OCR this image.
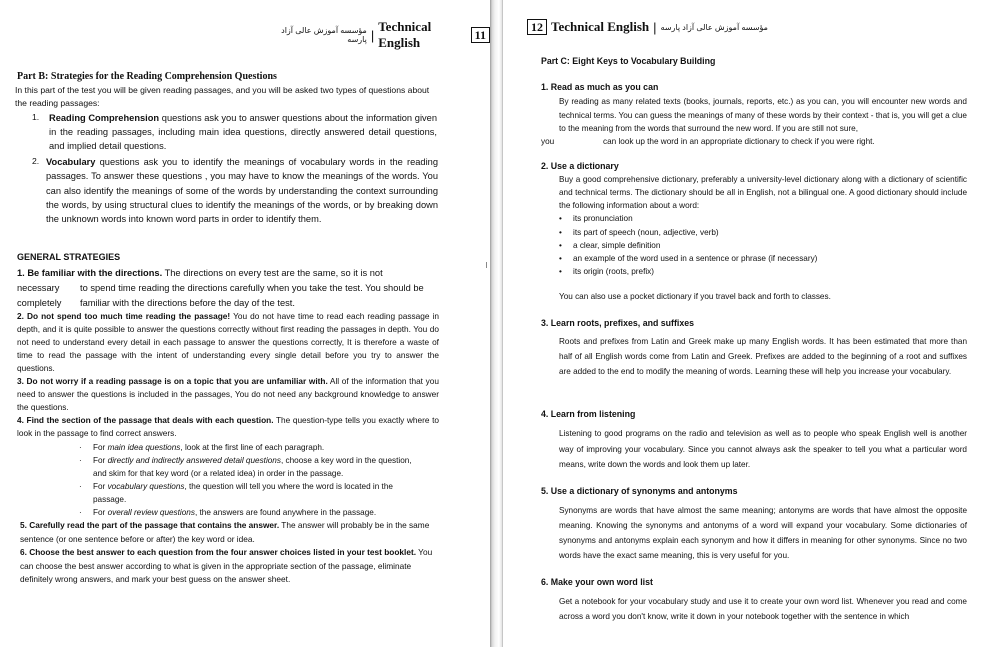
مؤسسه آموزش عالی آزاد پارسه |
Technical English	11
Part B: Strategies for the Reading Comprehension Questions
In this part of the test you will be given reading passages, and you will be asked two types of questions about
the reading passages:
1. Reading Comprehension questions ask you to answer questions about the information given in the reading passages, including main idea questions, directly answered detail questions, and implied detail questions.
2. Vocabulary questions ask you to identify the meanings of vocabulary words in the reading passages. To answer these questions , you may have to know the meanings of the words. You can also identify the meanings of some of the words by understanding the context surrounding the words, by using structural clues to identify the meanings of the words, or by breaking down the unknown words into known word parts in order to identify them.
GENERAL STRATEGIES
1. Be familiar with the directions. The directions on every test are the same, so it is not
necessary to spend time reading the directions carefully when you take the test. You should be
completely familiar with the directions before the day of the test.
2. Do not spend too much time reading the passage! You do not have time to read each reading passage in depth, and it is quite possible to answer the questions correctly without first reading the passages in depth. You do not need to understand every detail in each passage to answer the questions correctly, It is therefore a waste of time to read the passage with the intent of understanding every single detail before you try to answer the questions.
3. Do not worry if a reading passage is on a topic that you are unfamiliar with. All of the information that you need to answer the questions is included in the passages, You do not need any background knowledge to answer the questions.
4. Find the section of the passage that deals with each question. The question-type tells you exactly where to look in the passage to find correct answers.
· For main idea questions, look at the first line of each paragraph.
· For directly and indirectly answered detail questions, choose a key word in the question, and skim for that key word (or a related idea) in order in the passage.
· For vocabulary questions, the question will tell you where the word is located in the passage.
· For overall review questions, the answers are found anywhere in the passage.
5. Carefully read the part of the passage that contains the answer. The answer will probably be in the same sentence (or one sentence before or after) the key word or idea.
6. Choose the best answer to each question from the four answer choices listed in your test booklet. You can choose the best answer according to what is given in the appropriate section of the passage, eliminate definitely wrong answers, and mark your best guess on the answer sheet.
12 Technical English | مؤسسه آموزش عالی آزاد پارسه
Part C: Eight Keys to Vocabulary Building
1. Read as much as you can
By reading as many related texts (books, journals, reports, etc.) as you can, you will encounter new words and technical terms. You can guess the meanings of many of these words by their context - that is, you will get a clue to the meaning from the words that surround the new word. If you are still not sure,
you	can look up the word in an appropriate dictionary to check if you were right.
2. Use a dictionary
Buy a good comprehensive dictionary, preferably a university-level dictionary along with a dictionary of scientific and technical terms. The dictionary should be all in English, not a bilingual one. A good dictionary should include the following information about a word:
• its pronunciation
• its part of speech (noun, adjective, verb)
• a clear, simple definition
• an example of the word used in a sentence or phrase (if necessary)
• its origin (roots, prefix)
You can also use a pocket dictionary if you travel back and forth to classes.
3. Learn roots, prefixes, and suffixes
Roots and prefixes from Latin and Greek make up many English words. It has been estimated that more than half of all English words come from Latin and Greek. Prefixes are added to the beginning of a root and suffixes are added to the end to modify the meaning of words. Learning these will help you increase your vocabulary.
4. Learn from listening
Listening to good programs on the radio and television as well as to people who speak English well is another way of improving your vocabulary. Since you cannot always ask the speaker to tell you what a particular word means, write down the words and look them up later.
5. Use a dictionary of synonyms and antonyms
Synonyms are words that have almost the same meaning; antonyms are words that have almost the opposite meaning. Knowing the synonyms and antonyms of a word will expand your vocabulary. Some dictionaries of synonyms and antonyms explain each synonym and how it differs in meaning for other synonyms. Since no two words have the exact same meaning, this is very useful for you.
6. Make your own word list
Get a notebook for your vocabulary study and use it to create your own word list. Whenever you read and come across a word you don't know, write it down in your notebook together with the sentence in which
